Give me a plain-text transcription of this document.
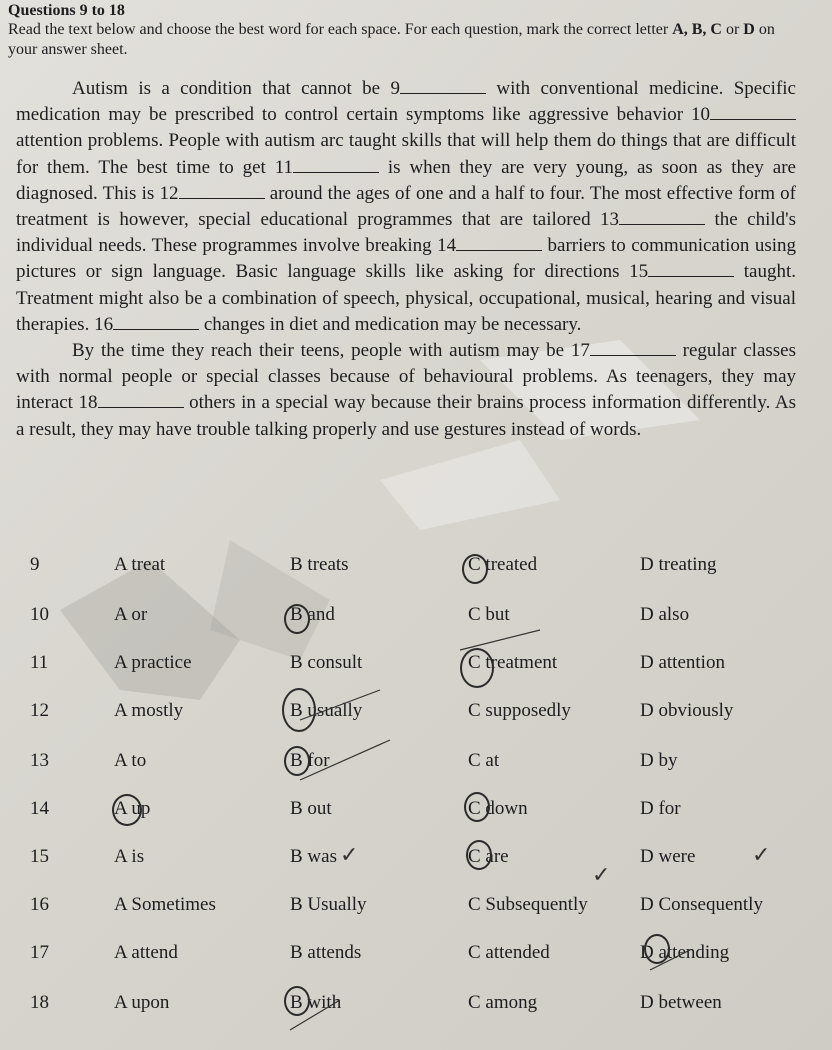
Questions 9 to 18
Read the text below and choose the best word for each space. For each question, mark the correct letter A, B, C or D on your answer sheet.

Autism is a condition that cannot be 9	with conventional medicine. Specific medication may be prescribed to control certain symptoms like aggressive behavior 10 attention problems. People with autism arc taught skills that will help them do things that are difficult for them. The best time to get 11	is when they are very young, as soon as they are diagnosed. This is 12	around the ages of one and a half to four. The most effective form of treatment is however, special educational programmes that are tailored 13	the child's individual needs. These programmes involve breaking 14	barriers to communication using pictures or sign language. Basic language skills like asking for directions 15	taught. Treatment might also be a combination of speech, physical, occupational, musical, hearing and visual therapies. 16	changes in diet and medication may be necessary.

By the time they reach their teens, people with autism may be 17	regular classes with normal people or special classes because of behavioural problems. As teenagers, they may interact 18	others in a special way because their brains process information differently. As a result, they may have trouble talking properly and use gestures instead of words.

9	A treat	B treats	C treated	D treating
10	A or	B and	C but	D also
11	A practice	B consult	C treatment	D attention
12	A mostly	B usually	C supposedly	D obviously
13	A to	B for	C at	D by
14	A up	B out	C down	D for
15	A is	B was	C are	D were
16	A Sometimes	B Usually	C Subsequently	D Consequently
17	A attend	B attends	C attended	D attending
18	A upon	B with	C among	D between
✓	✓
✓
